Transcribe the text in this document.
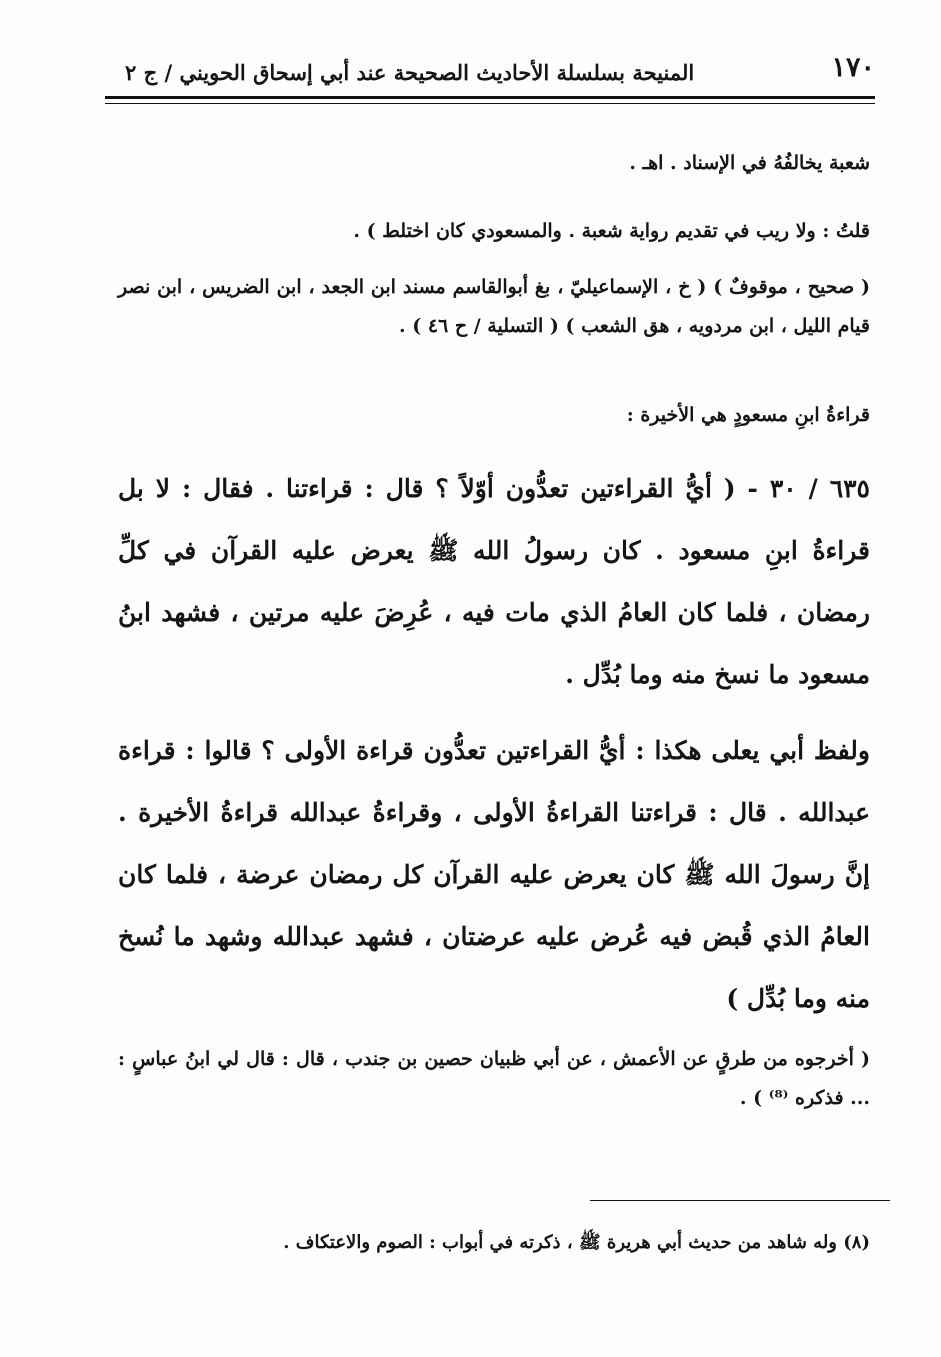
١٧٠
المنيحة بسلسلة الأحاديث الصحيحة عند أبي إسحاق الحويني / ج ٢

شعبة يخالفُهُ في الإسناد . اهـ .

قلتُ : ولا ريب في تقديم رواية شعبة . والمسعودي كان اختلط ) .

( صحيح ، موقوفٌ ) ( خ ، الإسماعيليّ ، بغ أبوالقاسم مسند ابن الجعد ، ابن الضريس ، ابن نصر قيام الليل ، ابن مردويه ، هق الشعب ) ( التسلية / ح ٤٦ ) .

قراءةُ ابنِ مسعودٍ هي الأخيرة :

٦٣٥ / ٣٠ - ( أيُّ القراءتين تعدُّون أوّلاً ؟ قال : قراءتنا . فقال : لا بل قراءةُ ابنِ مسعود . كان رسولُ الله ﷺ يعرض عليه القرآن في كلِّ رمضان ، فلما كان العامُ الذي مات فيه ، عُرِضَ عليه مرتين ، فشهد ابنُ مسعود ما نسخ منه وما بُدِّل .

ولفظ أبي يعلى هكذا : أيُّ القراءتين تعدُّون قراءة الأولى ؟ قالوا : قراءة عبدالله . قال : قراءتنا القراءةُ الأولى ، وقراءةُ عبدالله قراءةُ الأخيرة . إنَّ رسولَ الله ﷺ كان يعرض عليه القرآن كل رمضان عرضة ، فلما كان العامُ الذي قُبض فيه عُرض عليه عرضتان ، فشهد عبدالله وشهد ما نُسخ منه وما بُدِّل )

( أخرجوه من طرقٍ عن الأعمش ، عن أبي ظبيان حصين بن جندب ، قال : قال لي ابنُ عباسٍ : ... فذكره ⁽⁸⁾ ) .

(٨) وله شاهد من حديث أبي هريرة ﷺ ، ذكرته في أبواب : الصوم والاعتكاف .
